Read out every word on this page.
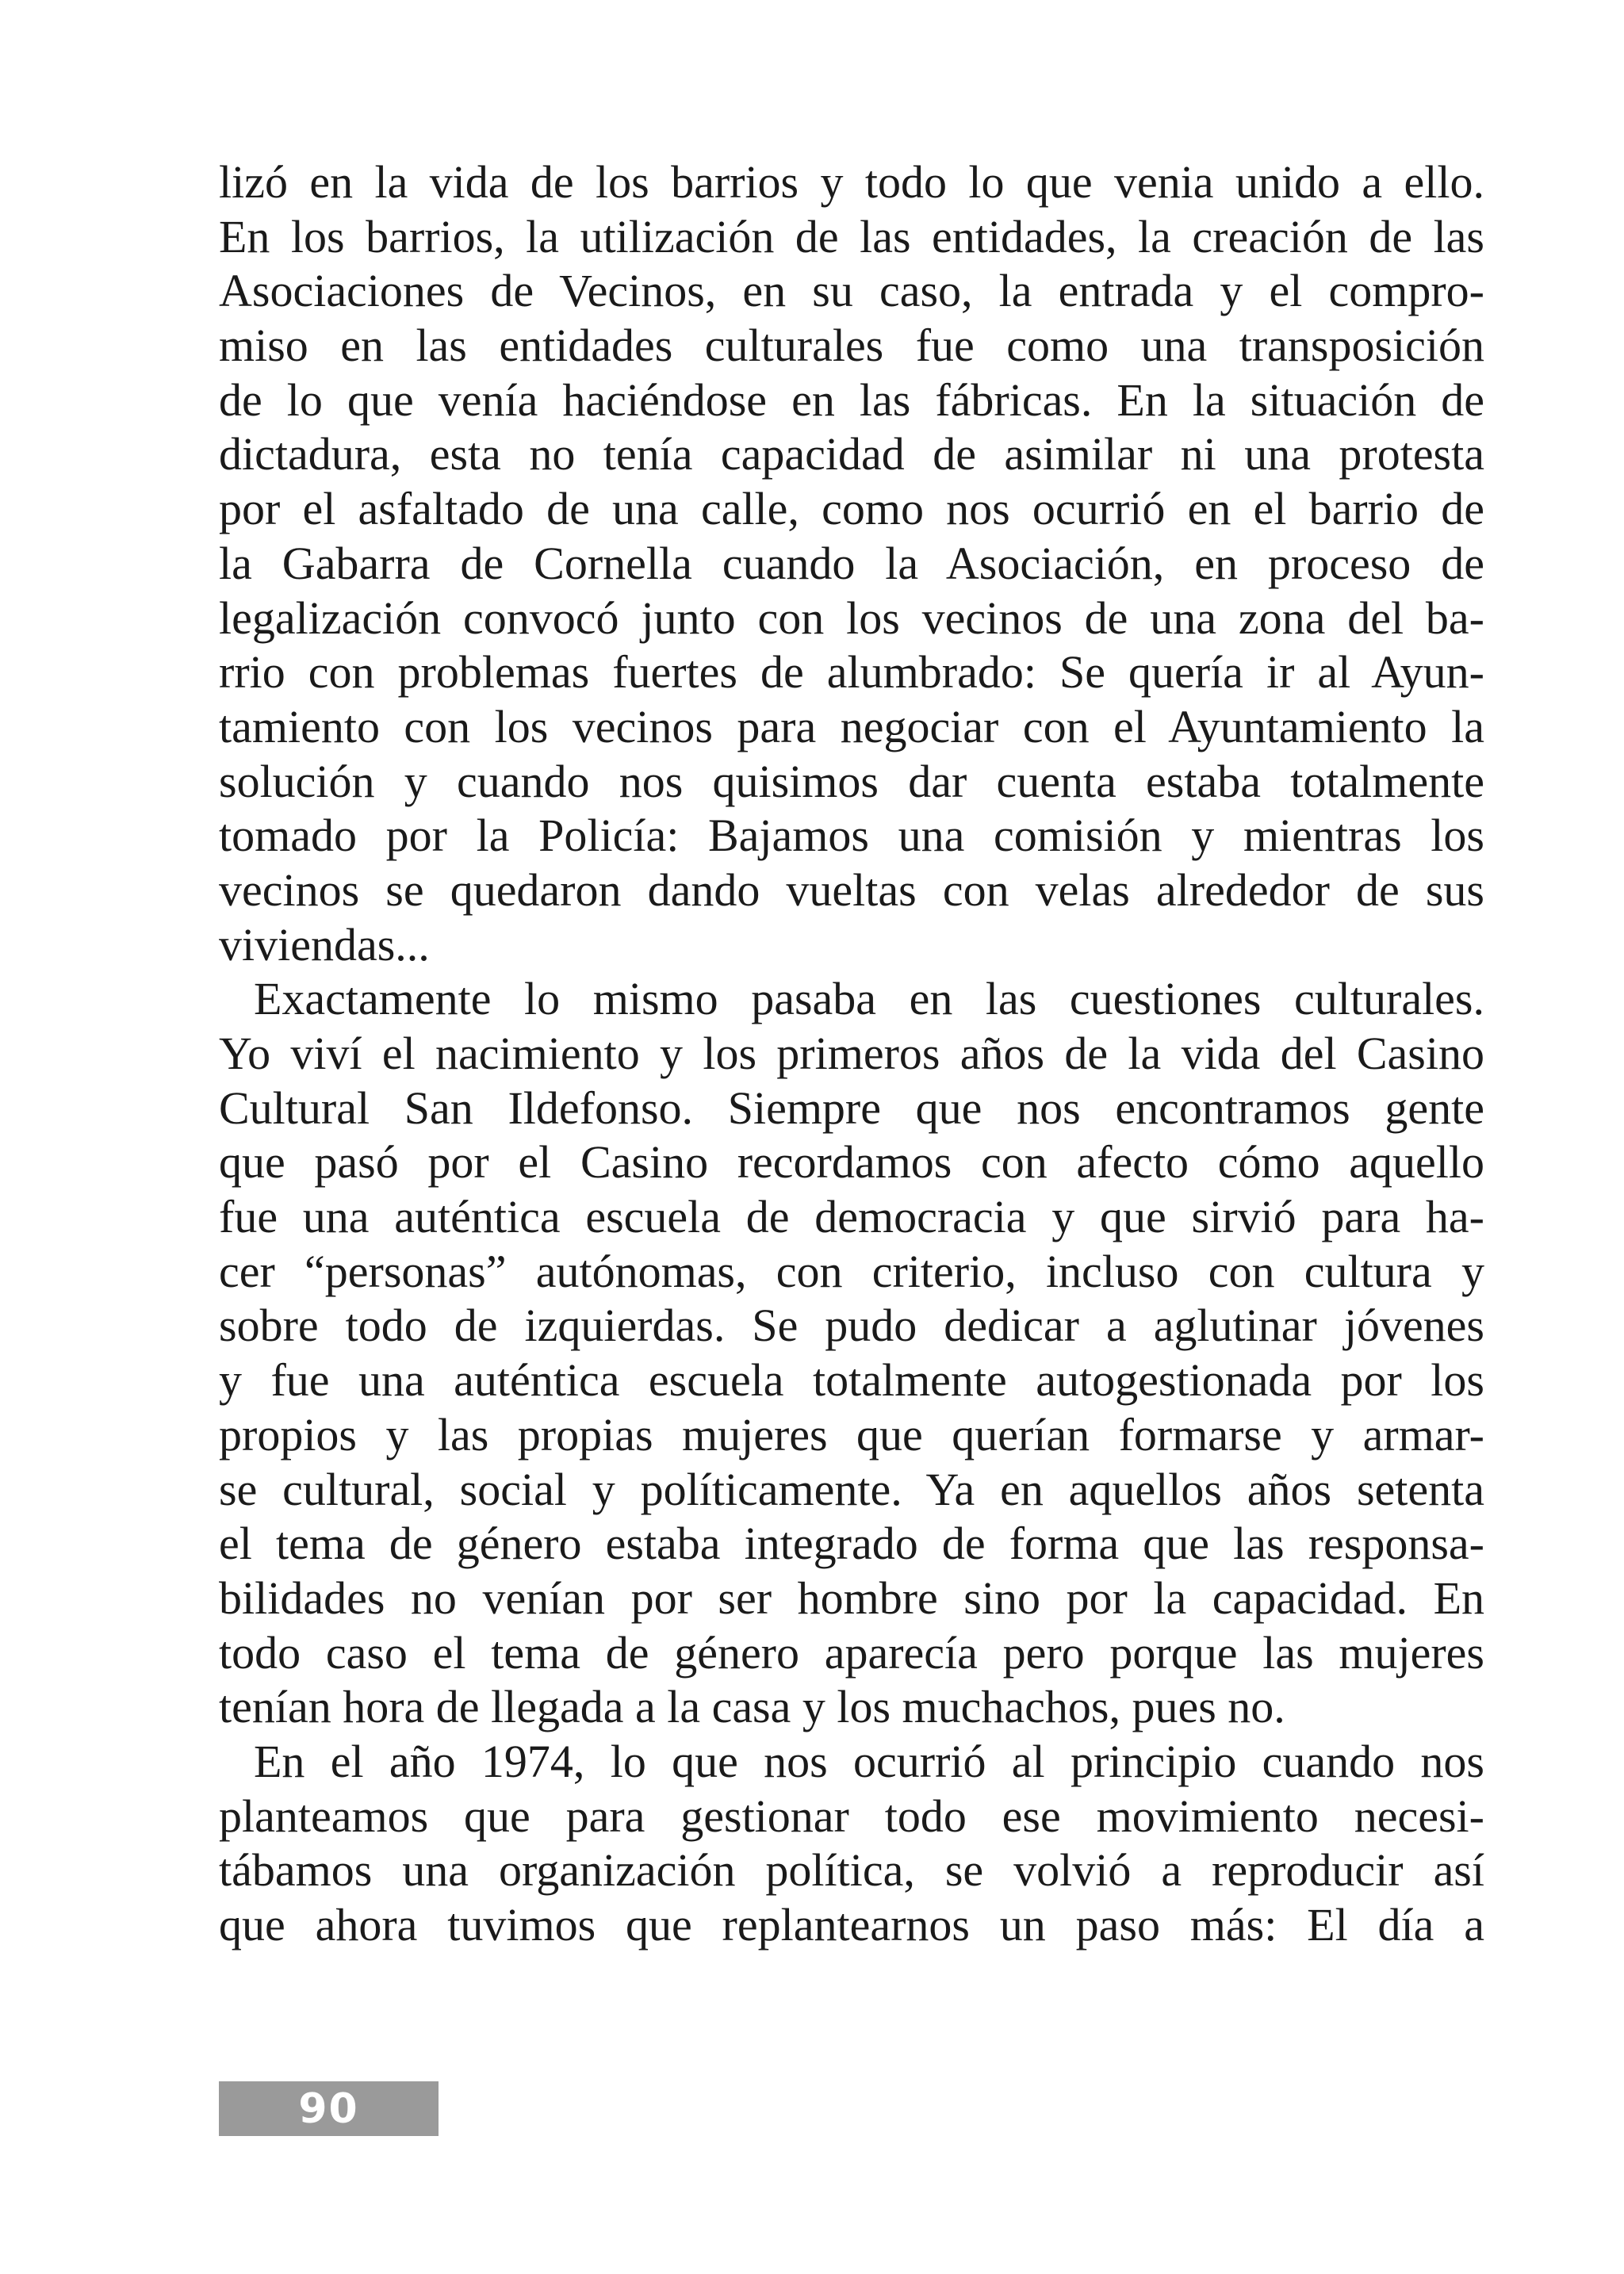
lizó en la vida de los barrios y todo lo que venia unido a ello.
En los barrios, la utilización de las entidades, la creación de las
Asociaciones de Vecinos, en su caso, la entrada y el compro-
miso en las entidades culturales fue como una transposición
de lo que venía haciéndose en las fábricas. En la situación de
dictadura, esta no tenía capacidad de asimilar ni una protesta
por el asfaltado de una calle, como nos ocurrió en el barrio de
la Gabarra de Cornella cuando la Asociación, en proceso de
legalización convocó junto con los vecinos de una zona del ba-
rrio con problemas fuertes de alumbrado: Se quería ir al Ayun-
tamiento con los vecinos para negociar con el Ayuntamiento la
solución y cuando nos quisimos dar cuenta estaba totalmente
tomado por la Policía: Bajamos una comisión y mientras los
vecinos se quedaron dando vueltas con velas alrededor de sus
viviendas...
Exactamente lo mismo pasaba en las cuestiones culturales.
Yo viví el nacimiento y los primeros años de la vida del Casino
Cultural San Ildefonso. Siempre que nos encontramos gente
que pasó por el Casino recordamos con afecto cómo aquello
fue una auténtica escuela de democracia y que sirvió para ha-
cer “personas” autónomas, con criterio, incluso con cultura y
sobre todo de izquierdas. Se pudo dedicar a aglutinar jóvenes
y fue una auténtica escuela totalmente autogestionada por los
propios y las propias mujeres que querían formarse y armar-
se cultural, social y políticamente. Ya en aquellos años setenta
el tema de género estaba integrado de forma que las responsa-
bilidades no venían por ser hombre sino por la capacidad. En
todo caso el tema de género aparecía pero porque las mujeres
tenían hora de llegada a la casa y los muchachos, pues no.
En el año 1974, lo que nos ocurrió al principio cuando nos
planteamos que para gestionar todo ese movimiento necesi-
tábamos una organización política, se volvió a reproducir así
que ahora tuvimos que replantearnos un paso más: El día a
90
